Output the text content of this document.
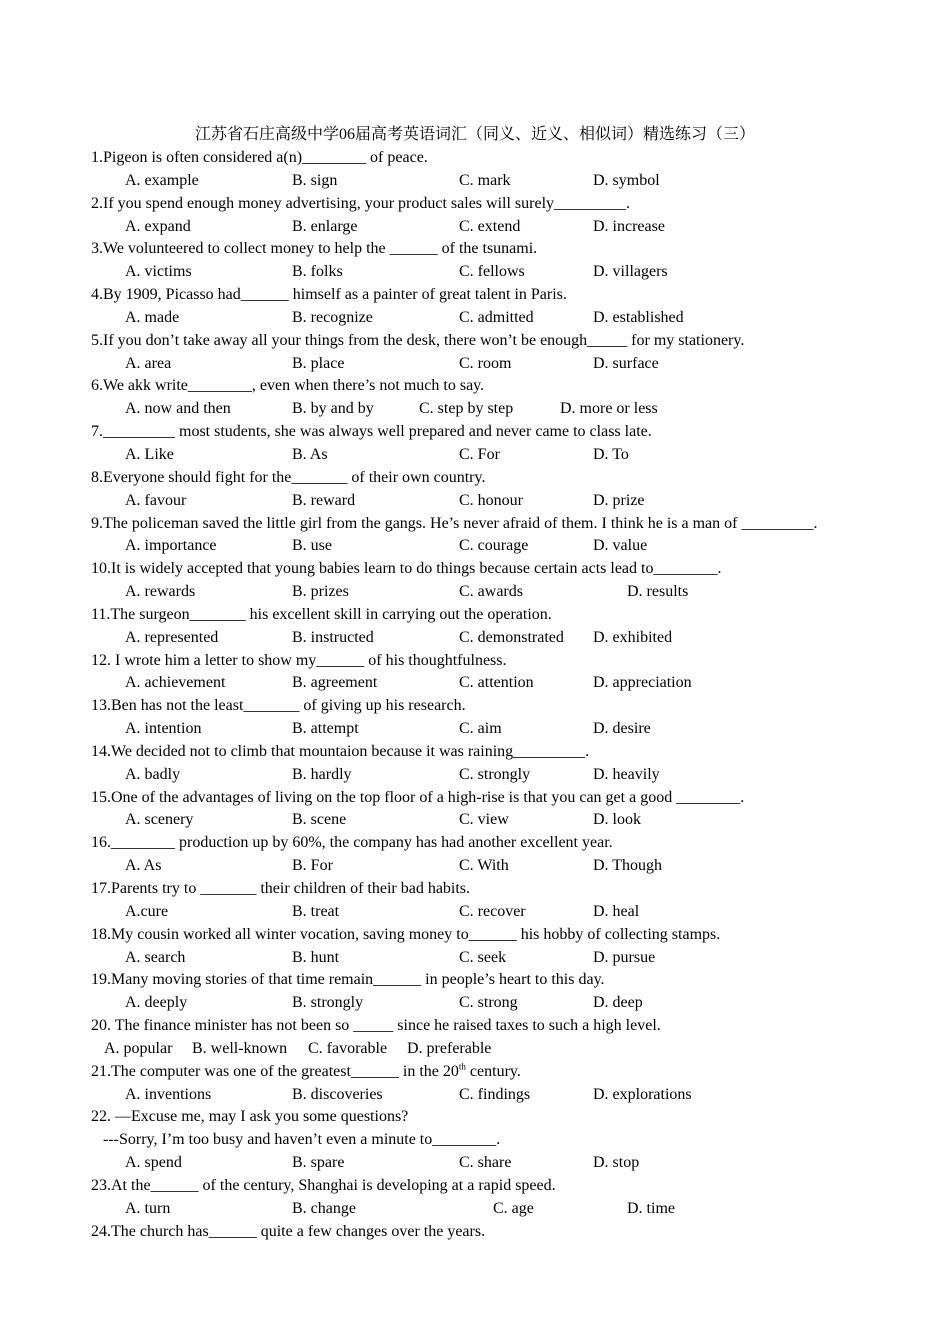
江苏省石庄高级中学06届高考英语词汇（同义、近义、相似词）精选练习（三）
1.Pigeon is often considered a(n)________ of peace.
A. example	B. sign	C. mark	D. symbol
2.If you spend enough money advertising, your product sales will surely_________.
A. expand	B. enlarge	C. extend	D. increase
3.We volunteered to collect money to help the ______ of the tsunami.
A. victims	B. folks	C. fellows	D. villagers
4.By 1909, Picasso had______ himself as a painter of great talent in Paris.
A. made	B. recognize	C. admitted	D. established
5.If you don’t take away all your things from the desk, there won’t be enough_____ for my stationery.
A. area	B. place	C. room	D. surface
6.We akk write________, even when there’s not much to say.
A. now and then	B. by and by	C. step by step	D. more or less
7._________ most students, she was always well prepared and never came to class late.
A. Like	B. As	C. For	D. To
8.Everyone should fight for the_______ of their own country.
A. favour	B. reward	C. honour	D. prize
9.The policeman saved the little girl from the gangs. He’s never afraid of them. I think he is a man of _________.
A. importance	B. use	C. courage	D. value
10.It is widely accepted that young babies learn to do things because certain acts lead to________.
A. rewards	B. prizes	C. awards	D. results
11.The surgeon_______ his excellent skill in carrying out the operation.
A. represented	B. instructed	C. demonstrated D. exhibited
12. I wrote him a letter to show my______ of his thoughtfulness.
A. achievement	B. agreement	C. attention	D. appreciation
13.Ben has not the least_______ of giving up his research.
A. intention	B. attempt	C. aim	D. desire
14.We decided not to climb that mountaion because it was raining_________.
A. badly	B. hardly	C. strongly	D. heavily
15.One of the advantages of living on the top floor of a high-rise is that you can get a good ________.
A. scenery	B. scene	C. view	D. look
16.________ production up by 60%, the company has had another excellent year.
A. As	B. For	C. With	D. Though
17.Parents try to _______ their children of their bad habits.
A.cure	B. treat	C. recover	D. heal
18.My cousin worked all winter vocation, saving money to______ his hobby of collecting stamps.
A. search	B. hunt	C. seek	D. pursue
19.Many moving stories of that time remain______ in people’s heart to this day.
A. deeply	B. strongly	C. strong	D. deep
20. The finance minister has not been so _____ since he raised taxes to such a high level.
A. popular B. well-known C. favorable D. preferable
21.The computer was one of the greatest______ in the 20th century.
A. inventions	B. discoveries	C. findings	D. explorations
22. —Excuse me, may I ask you some questions?
---Sorry, I’m too busy and haven’t even a minute to________.
A. spend	B. spare	C. share	D. stop
23.At the______ of the century, Shanghai is developing at a rapid speed.
A. turn	B. change	C. age	D. time
24.The church has______ quite a few changes over the years.
